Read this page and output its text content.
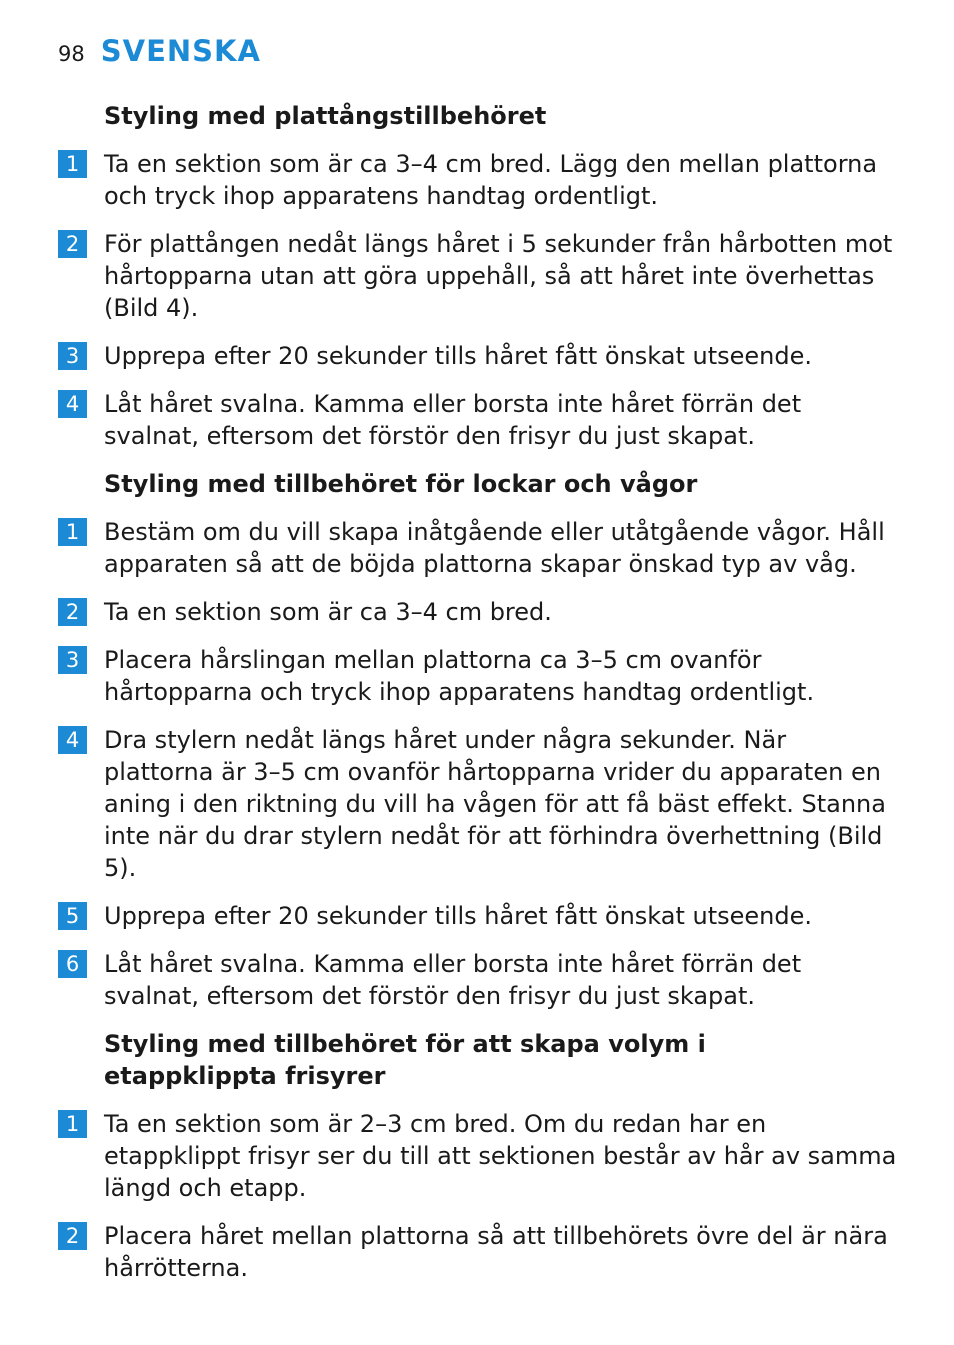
98 SVENSKA
Styling med plattångstillbehöret
1	Ta en sektion som är ca 3–4 cm bred. Lägg den mellan plattorna och tryck ihop apparatens handtag ordentligt.
2	För plattången nedåt längs håret i 5 sekunder från hårbotten mot hårtopparna utan att göra uppehåll, så att håret inte överhettas (Bild 4).
3	Upprepa efter 20 sekunder tills håret fått önskat utseende.
4	Låt håret svalna. Kamma eller borsta inte håret förrän det svalnat, eftersom det förstör den frisyr du just skapat.
Styling med tillbehöret för lockar och vågor
1	Bestäm om du vill skapa inåtgående eller utåtgående vågor. Håll apparaten så att de böjda plattorna skapar önskad typ av våg.
2	Ta en sektion som är ca 3–4 cm bred.
3	Placera hårslingan mellan plattorna ca 3–5 cm ovanför hårtopparna och tryck ihop apparatens handtag ordentligt.
4	Dra stylern nedåt längs håret under några sekunder. När plattorna är 3–5 cm ovanför hårtopparna vrider du apparaten en aning i den riktning du vill ha vågen för att få bäst effekt. Stanna inte när du drar stylern nedåt för att förhindra överhettning (Bild 5).
5	Upprepa efter 20 sekunder tills håret fått önskat utseende.
6	Låt håret svalna. Kamma eller borsta inte håret förrän det svalnat, eftersom det förstör den frisyr du just skapat.
Styling med tillbehöret för att skapa volym i etappklippta frisyrer
1	Ta en sektion som är 2–3 cm bred. Om du redan har en etappklippt frisyr ser du till att sektionen består av hår av samma längd och etapp.
2	Placera håret mellan plattorna så att tillbehörets övre del är nära hårrötterna.
